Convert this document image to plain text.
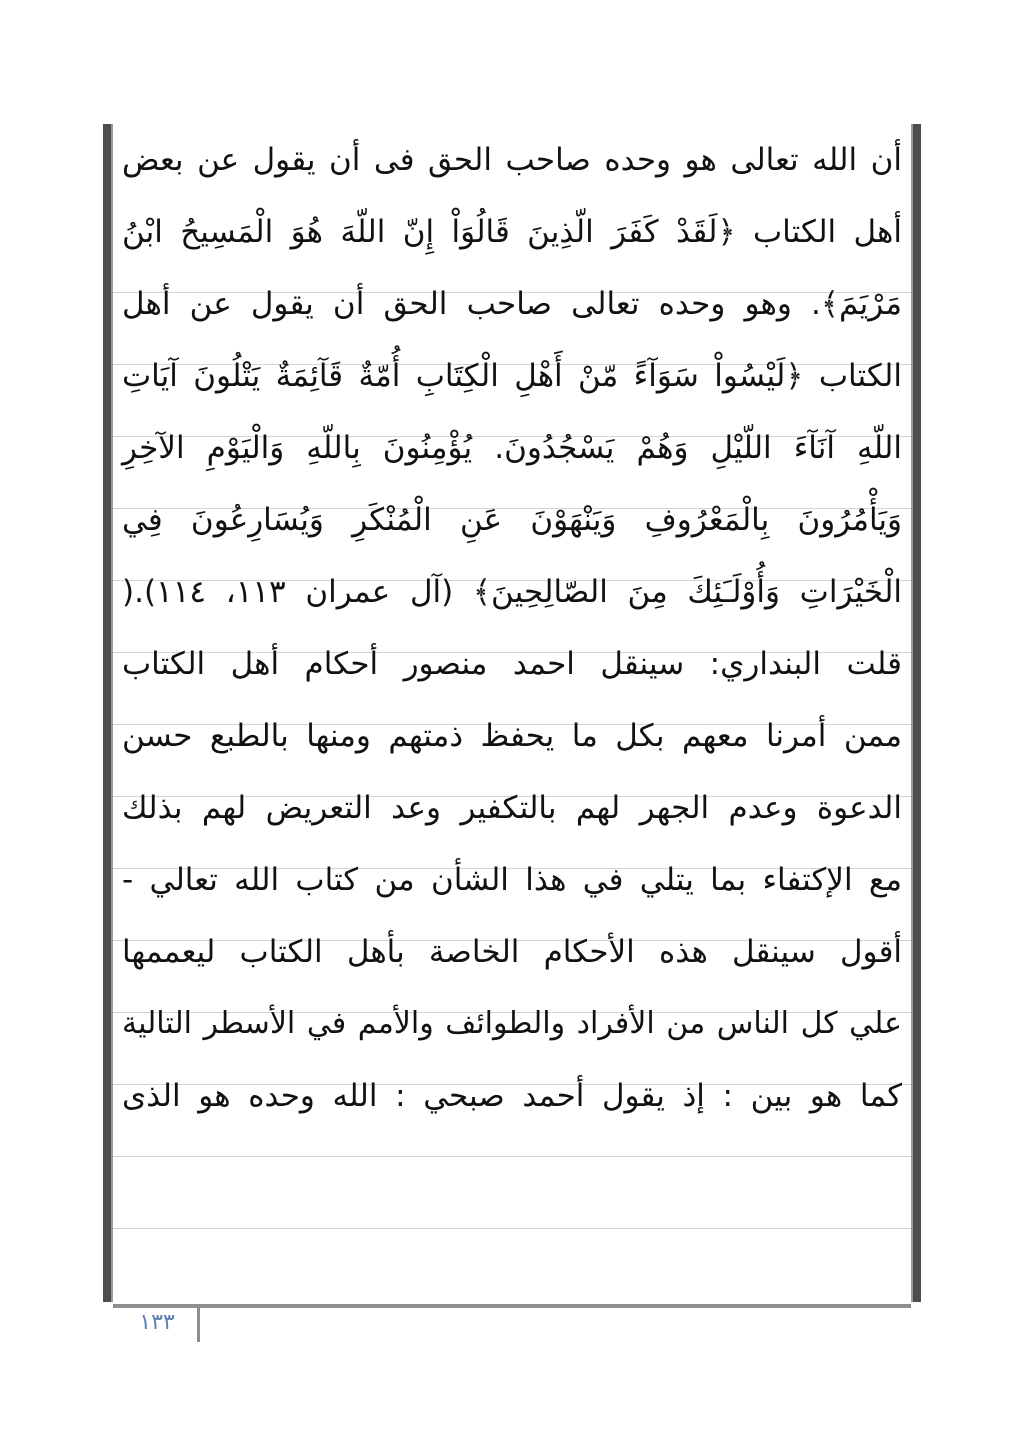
أن الله تعالى هو وحده صاحب الحق فى أن يقول عن بعض
أهل الكتاب ﴿لَقَدْ كَفَرَ الّذِينَ قَالُوَاْ إِنّ اللّهَ هُوَ الْمَسِيحُ ابْنُ
مَرْيَمَ﴾. وهو وحده تعالى صاحب الحق أن يقول عن أهل
الكتاب ﴿لَيْسُواْ سَوَآءً مّنْ أَهْلِ الْكِتَابِ أُمّةٌ قَآئِمَةٌ يَتْلُونَ آيَاتِ
اللّهِ آنَآءَ اللّيْلِ وَهُمْ يَسْجُدُونَ. يُؤْمِنُونَ بِاللّهِ وَالْيَوْمِ الآخِرِ
وَيَأْمُرُونَ بِالْمَعْرُوفِ وَيَنْهَوْنَ عَنِ الْمُنْكَرِ وَيُسَارِعُونَ فِي
الْخَيْرَاتِ وَأُوْلَـَئِكَ مِنَ الصّالِحِينَ﴾ (آل عمران ١١٣، ١١٤).(
قلت البنداري: سينقل احمد منصور أحكام أهل الكتاب
ممن أمرنا معهم بكل ما يحفظ ذمتهم ومنها بالطبع حسن
الدعوة وعدم الجهر لهم بالتكفير وعد التعريض لهم بذلك
مع الإكتفاء بما يتلي في هذا الشأن من كتاب الله تعالي -
أقول سينقل هذه الأحكام الخاصة بأهل الكتاب ليعممها
علي كل الناس من الأفراد والطوائف والأمم في الأسطر التالية
كما هو بين : إذ يقول أحمد صبحي : الله وحده هو الذى
١٣٣
